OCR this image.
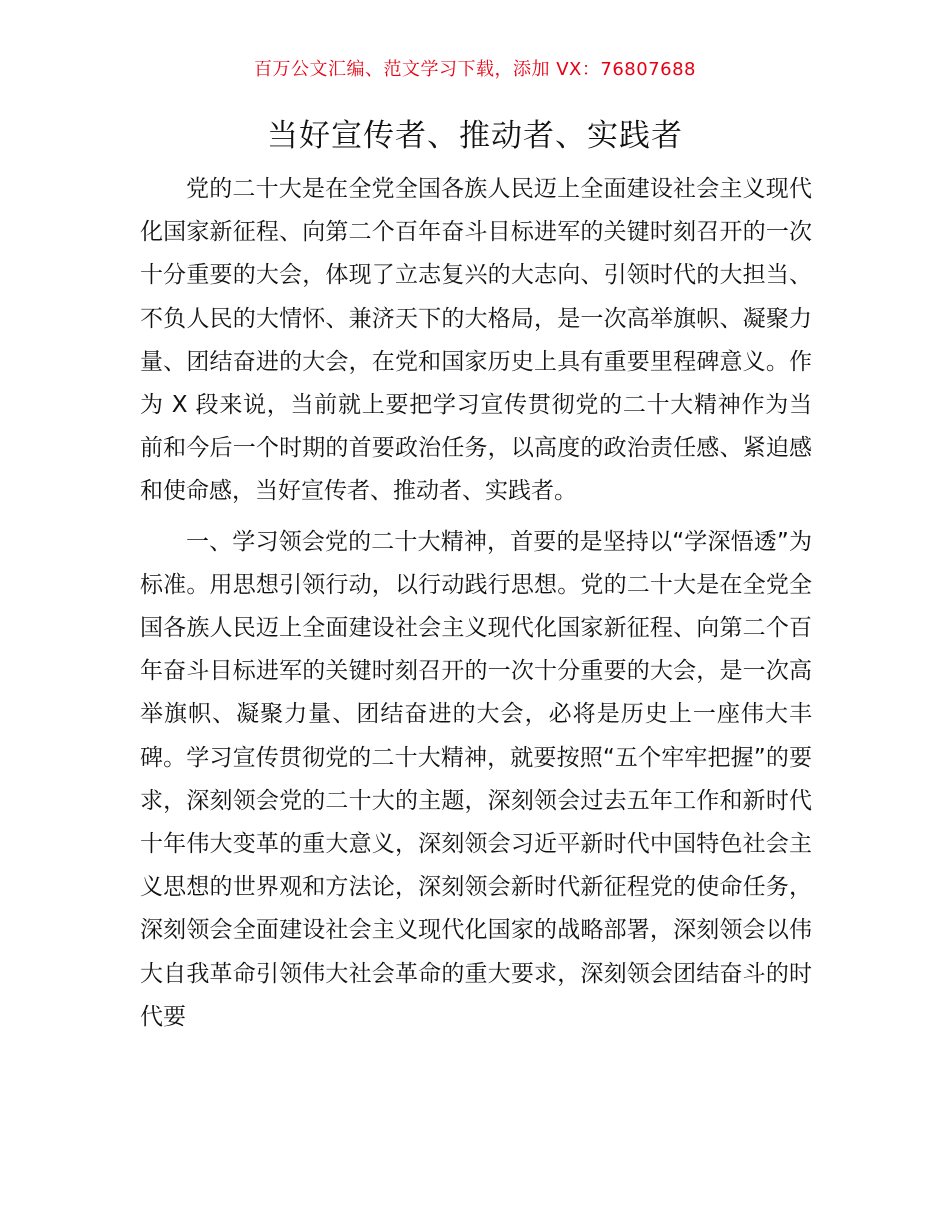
百万公文汇编、范文学习下载，添加 VX：76807688
当好宣传者、推动者、实践者

党的二十大是在全党全国各族人民迈上全面建设社会主义现代化国家新征程、向第二个百年奋斗目标进军的关键时刻召开的一次十分重要的大会，体现了立志复兴的大志向、引领时代的大担当、不负人民的大情怀、兼济天下的大格局，是一次高举旗帜、凝聚力量、团结奋进的大会，在党和国家历史上具有重要里程碑意义。作为 X 段来说，当前就上要把学习宣传贯彻党的二十大精神作为当前和今后一个时期的首要政治任务，以高度的政治责任感、紧迫感和使命感，当好宣传者、推动者、实践者。

一、学习领会党的二十大精神，首要的是坚持以“学深悟透”为标准。用思想引领行动，以行动践行思想。党的二十大是在全党全国各族人民迈上全面建设社会主义现代化国家新征程、向第二个百年奋斗目标进军的关键时刻召开的一次十分重要的大会，是一次高举旗帜、凝聚力量、团结奋进的大会，必将是历史上一座伟大丰碑。学习宣传贯彻党的二十大精神，就要按照“五个牢牢把握”的要求，深刻领会党的二十大的主题，深刻领会过去五年工作和新时代十年伟大变革的重大意义，深刻领会习近平新时代中国特色社会主义思想的世界观和方法论，深刻领会新时代新征程党的使命任务，深刻领会全面建设社会主义现代化国家的战略部署，深刻领会以伟大自我革命引领伟大社会革命的重大要求，深刻领会团结奋斗的时代要
